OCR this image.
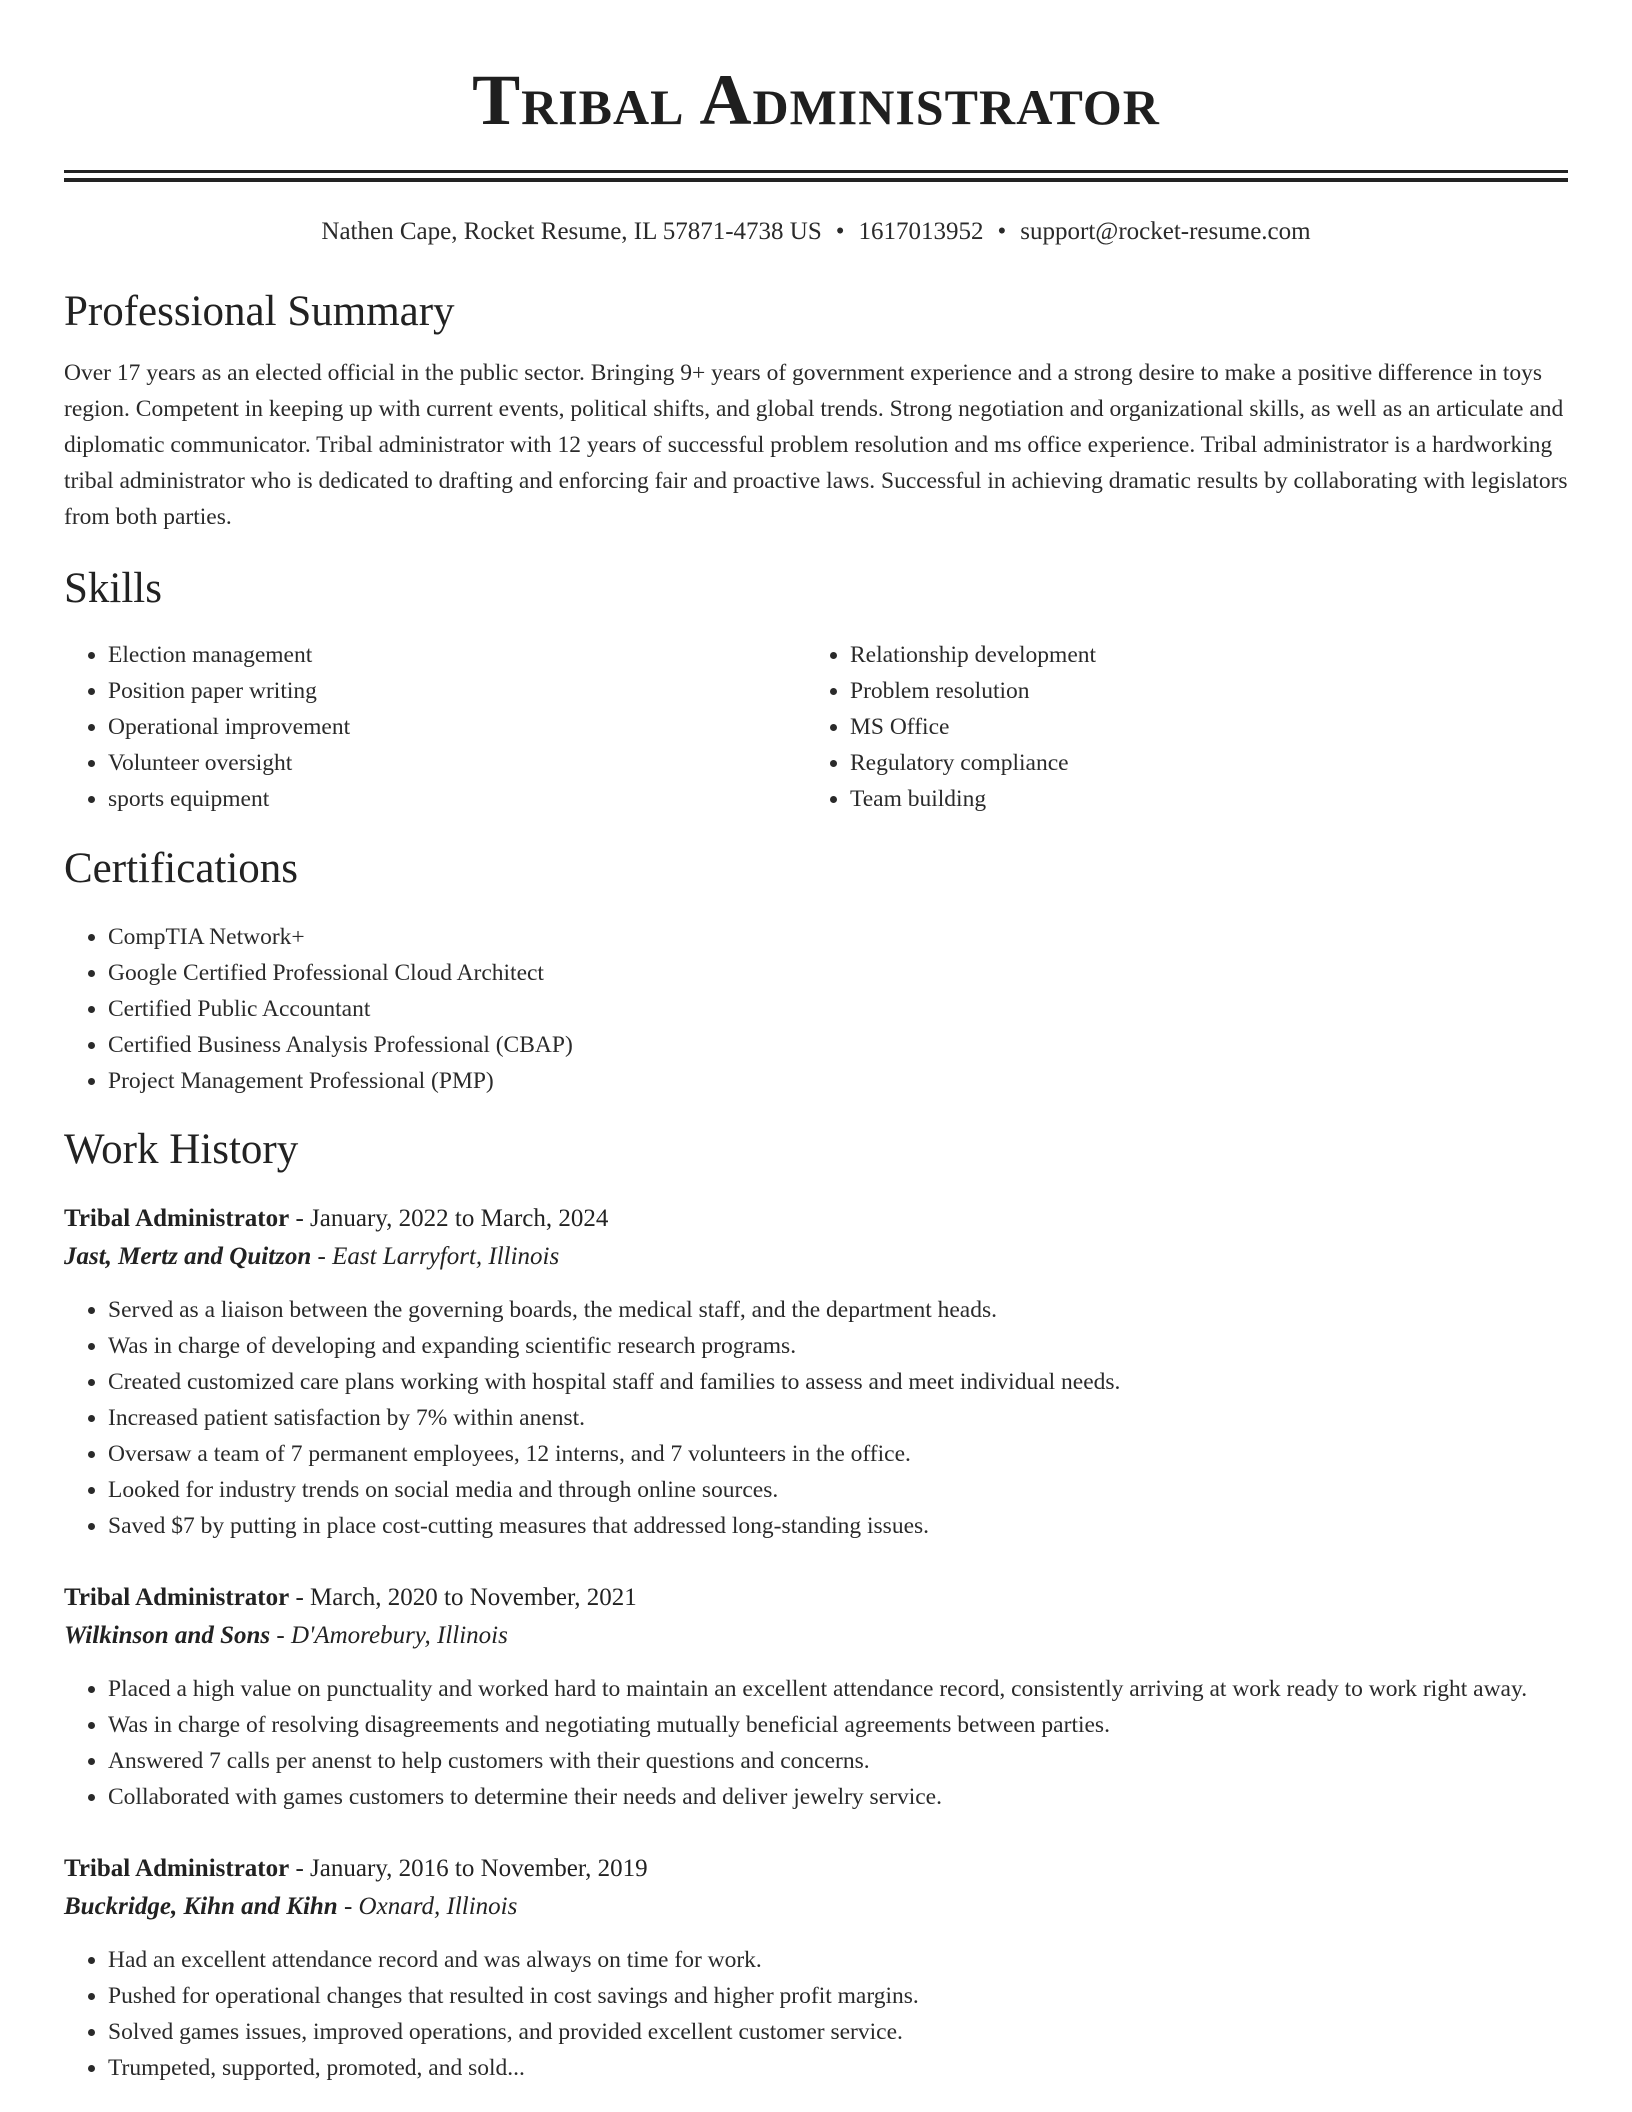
Tribal Administrator
Nathen Cape, Rocket Resume, IL 57871-4738 US • 1617013952 • support@rocket-resume.com
Professional Summary

Over 17 years as an elected official in the public sector. Bringing 9+ years of government experience and a strong desire to make a positive difference in toys region. Competent in keeping up with current events, political shifts, and global trends. Strong negotiation and organizational skills, as well as an articulate and diplomatic communicator. Tribal administrator with 12 years of successful problem resolution and ms office experience. Tribal administrator is a hardworking tribal administrator who is dedicated to drafting and enforcing fair and proactive laws. Successful in achieving dramatic results by collaborating with legislators from both parties.

Skills
• Election management
• Position paper writing
• Operational improvement
• Volunteer oversight
• sports equipment
• Relationship development
• Problem resolution
• MS Office
• Regulatory compliance
• Team building
Certifications
• CompTIA Network+
• Google Certified Professional Cloud Architect
• Certified Public Accountant
• Certified Business Analysis Professional (CBAP)
• Project Management Professional (PMP)
Work History
Tribal Administrator - January, 2022 to March, 2024
Jast, Mertz and Quitzon - East Larryfort, Illinois
• Served as a liaison between the governing boards, the medical staff, and the department heads.
• Was in charge of developing and expanding scientific research programs.
• Created customized care plans working with hospital staff and families to assess and meet individual needs.
• Increased patient satisfaction by 7% within anenst.
• Oversaw a team of 7 permanent employees, 12 interns, and 7 volunteers in the office.
• Looked for industry trends on social media and through online sources.
• Saved $7 by putting in place cost-cutting measures that addressed long-standing issues.
Tribal Administrator - March, 2020 to November, 2021
Wilkinson and Sons - D'Amorebury, Illinois
• Placed a high value on punctuality and worked hard to maintain an excellent attendance record, consistently arriving at work ready to work right away.
• Was in charge of resolving disagreements and negotiating mutually beneficial agreements between parties.
• Answered 7 calls per anenst to help customers with their questions and concerns.
• Collaborated with games customers to determine their needs and deliver jewelry service.
Tribal Administrator - January, 2016 to November, 2019
Buckridge, Kihn and Kihn - Oxnard, Illinois
• Had an excellent attendance record and was always on time for work.
• Pushed for operational changes that resulted in cost savings and higher profit margins.
• Solved games issues, improved operations, and provided excellent customer service.
• Trumpeted, supported, promoted, and sold...
